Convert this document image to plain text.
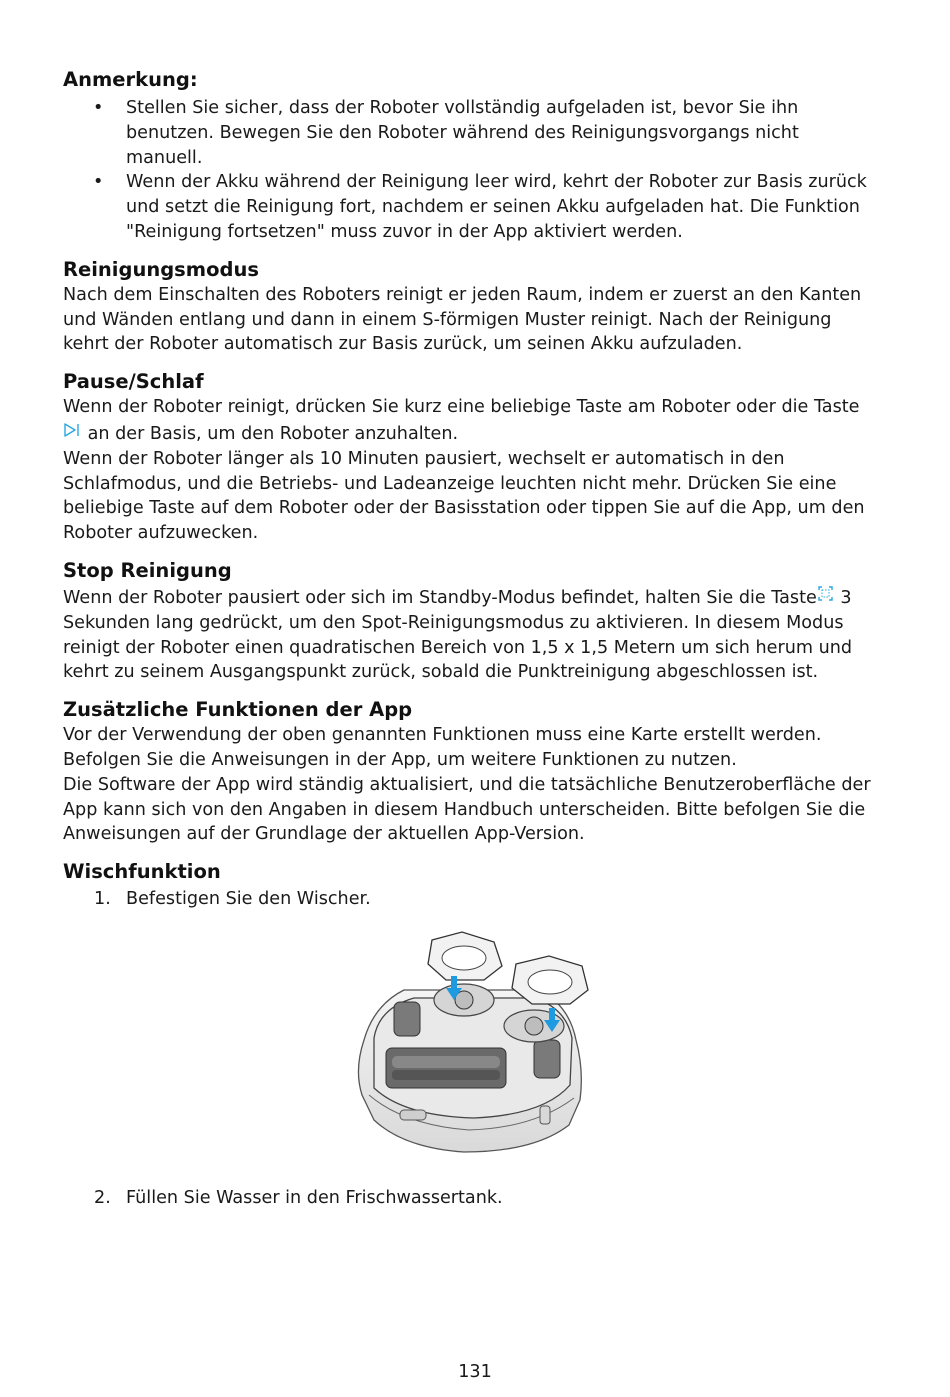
Anmerkung:
• Stellen Sie sicher, dass der Roboter vollständig aufgeladen ist, bevor Sie ihn benutzen. Bewegen Sie den Roboter während des Reinigungsvorgangs nicht manuell.
• Wenn der Akku während der Reinigung leer wird, kehrt der Roboter zur Basis zurück und setzt die Reinigung fort, nachdem er seinen Akku aufgeladen hat. Die Funktion "Reinigung fortsetzen" muss zuvor in der App aktiviert werden.
Reinigungsmodus

Nach dem Einschalten des Roboters reinigt er jeden Raum, indem er zuerst an den Kanten und Wänden entlang und dann in einem S-förmigen Muster reinigt. Nach der Reinigung kehrt der Roboter automatisch zur Basis zurück, um seinen Akku aufzuladen.

Pause/Schlaf

Wenn der Roboter reinigt, drücken Sie kurz eine beliebige Taste am Roboter oder die Taste an der Basis, um den Roboter anzuhalten.

Wenn der Roboter länger als 10 Minuten pausiert, wechselt er automatisch in den Schlafmodus, und die Betriebs- und Ladeanzeige leuchten nicht mehr. Drücken Sie eine beliebige Taste auf dem Roboter oder der Basisstation oder tippen Sie auf die App, um den Roboter aufzuwecken.

Stop Reinigung

Wenn der Roboter pausiert oder sich im Standby-Modus befindet, halten Sie die Taste 3 Sekunden lang gedrückt, um den Spot-Reinigungsmodus zu aktivieren. In diesem Modus reinigt der Roboter einen quadratischen Bereich von 1,5 x 1,5 Metern um sich herum und kehrt zu seinem Ausgangspunkt zurück, sobald die Punktreinigung abgeschlossen ist.

Zusätzliche Funktionen der App

Vor der Verwendung der oben genannten Funktionen muss eine Karte erstellt werden.

Befolgen Sie die Anweisungen in der App, um weitere Funktionen zu nutzen.

Die Software der App wird ständig aktualisiert, und die tatsächliche Benutzeroberfläche der App kann sich von den Angaben in diesem Handbuch unterscheiden. Bitte befolgen Sie die Anweisungen auf der Grundlage der aktuellen App-Version.

Wischfunktion
1. Befestigen Sie den Wischer.
2. Füllen Sie Wasser in den Frischwassertank.
131
